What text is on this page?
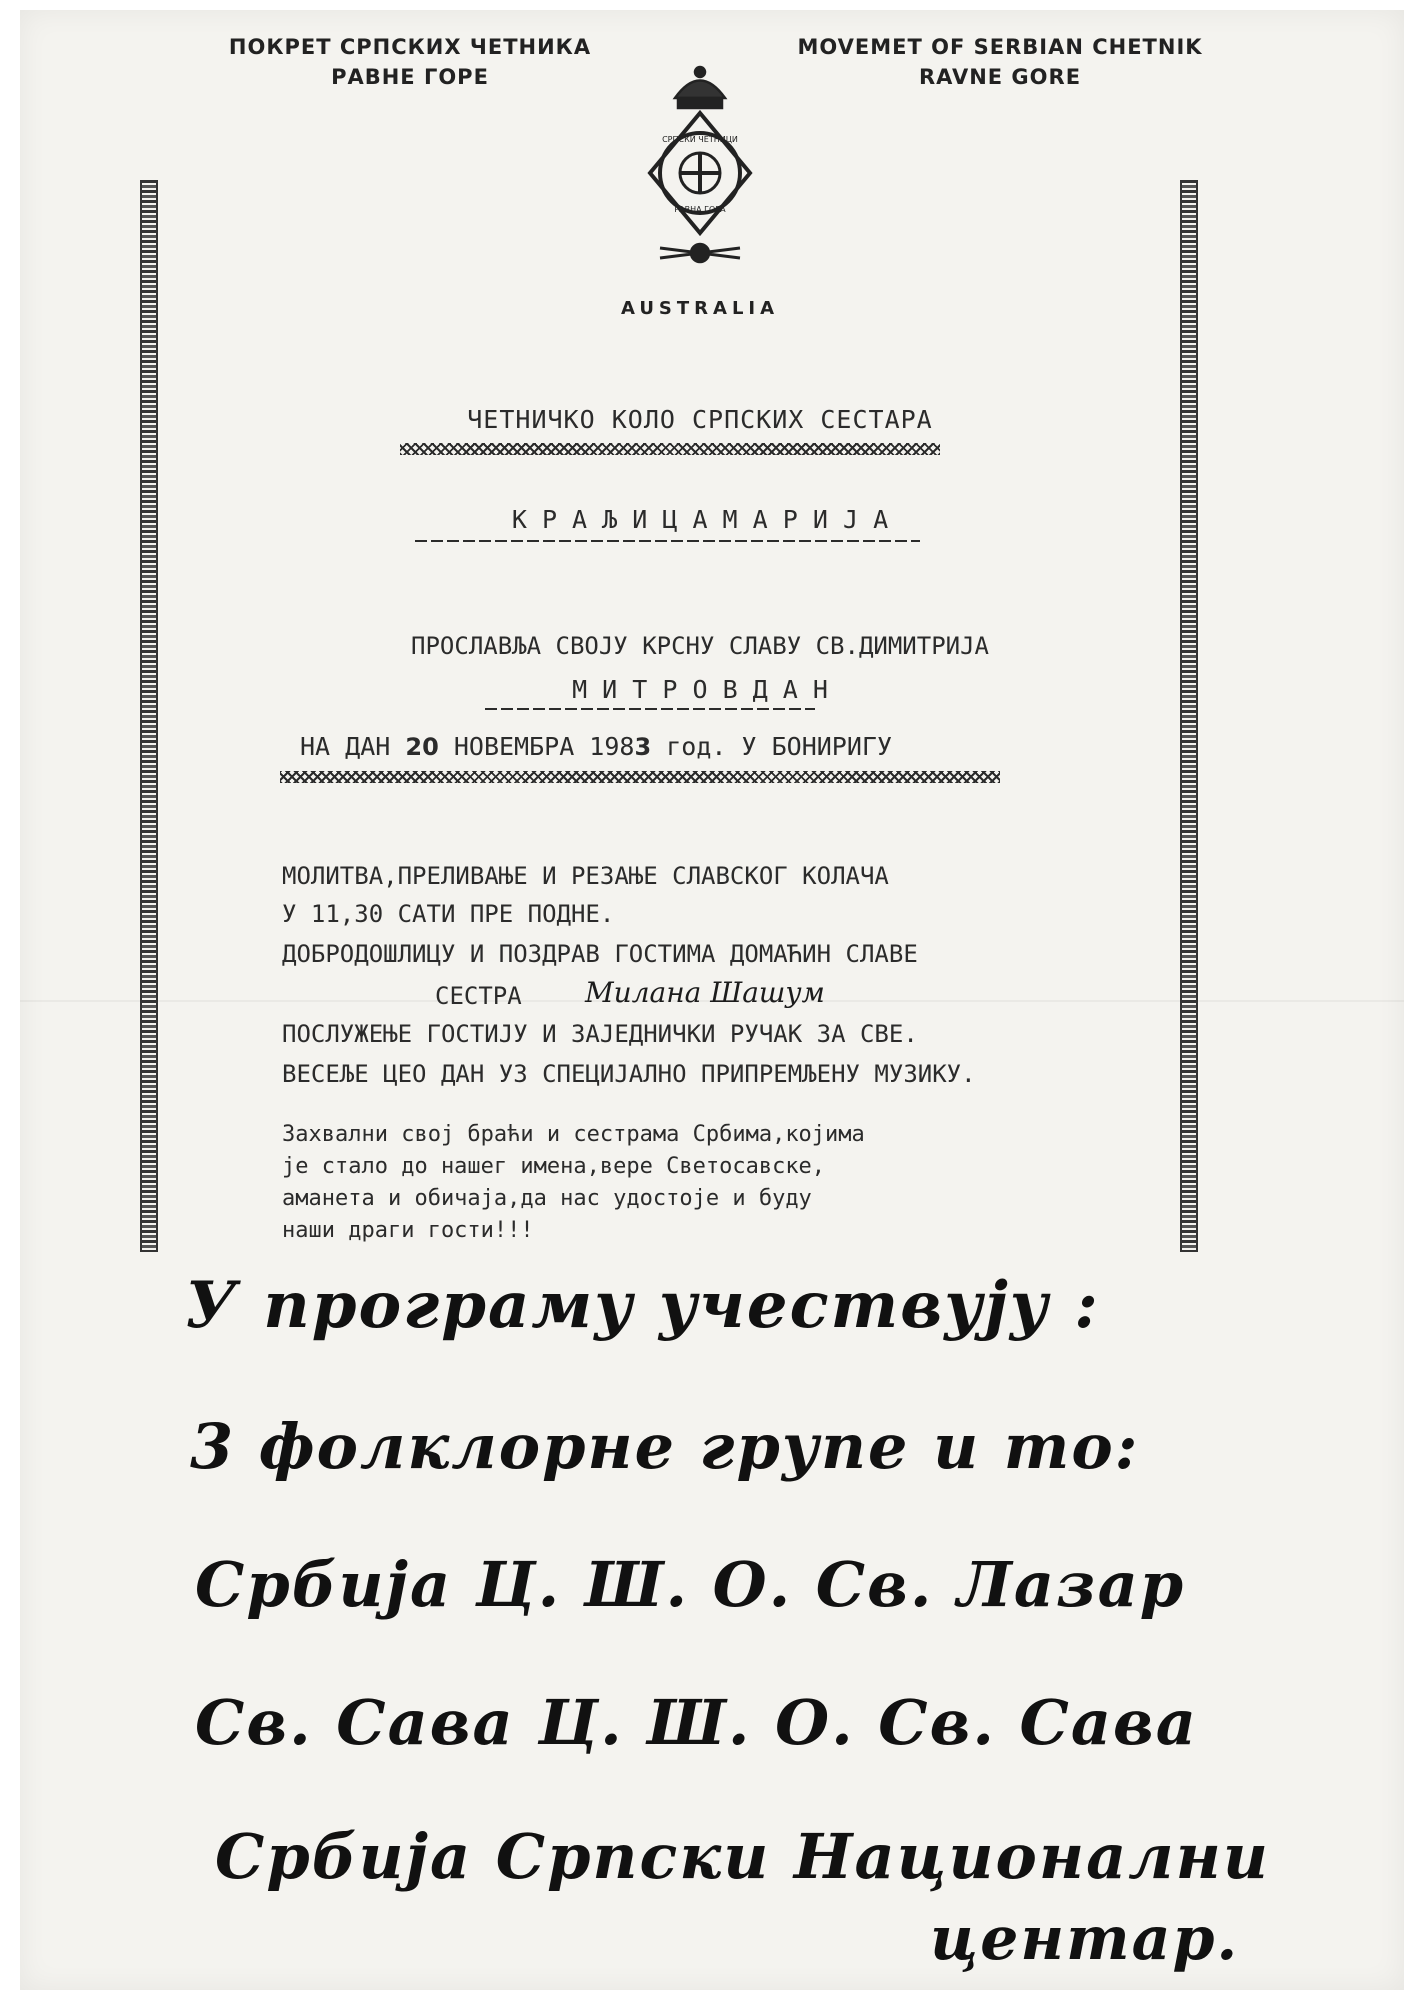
ПОКРЕТ СРПСКИХ ЧЕТНИКА
РАВНЕ ГОРЕ
MOVEMET OF SERBIAN CHETNIK
RAVNE GORE
СРПСКИ ЧЕТНИЦИ
РАВНА ГОРА
AUSTRALIA
ЧЕТНИЧКО КОЛО СРПСКИХ СЕСТАРА
К Р А Љ И Ц А М А Р И Ј А
ПРОСЛАВЉА СВОЈУ КРСНУ СЛАВУ СВ.ДИМИТРИЈА
М И Т Р О В Д А Н
НА ДАН 20 НОВЕМБРА 1983 год. У БОНИРИГУ
МОЛИТВА,ПРЕЛИВАЊЕ И РЕЗАЊЕ СЛАВСКОГ КОЛАЧА
У 11,30 САТИ ПРЕ ПОДНЕ.
ДОБРОДОШЛИЦУ И ПОЗДРАВ ГОСТИМА ДОМАЋИН СЛАВЕ
СЕСТРА Милана Шашум
ПОСЛУЖЕЊЕ ГОСТИЈУ И ЗАЈЕДНИЧКИ РУЧАК ЗА СВЕ.
ВЕСЕЉЕ ЦЕО ДАН УЗ СПЕЦИЈАЛНО ПРИПРЕМЉЕНУ МУЗИКУ.
Захвални свој браћи и сестрама Србима,којима
је стало до нашег имена,вере Светосавске,
аманета и обичаја,да нас удостоје и буду
наши драги гости!!!
У програму учествују :
3 фолклорне групе и то:
Србија Ц. Ш. О. Св. Лазар
Св. Сава Ц. Ш. О. Св. Сава
Србија Српски Национални
центар.
